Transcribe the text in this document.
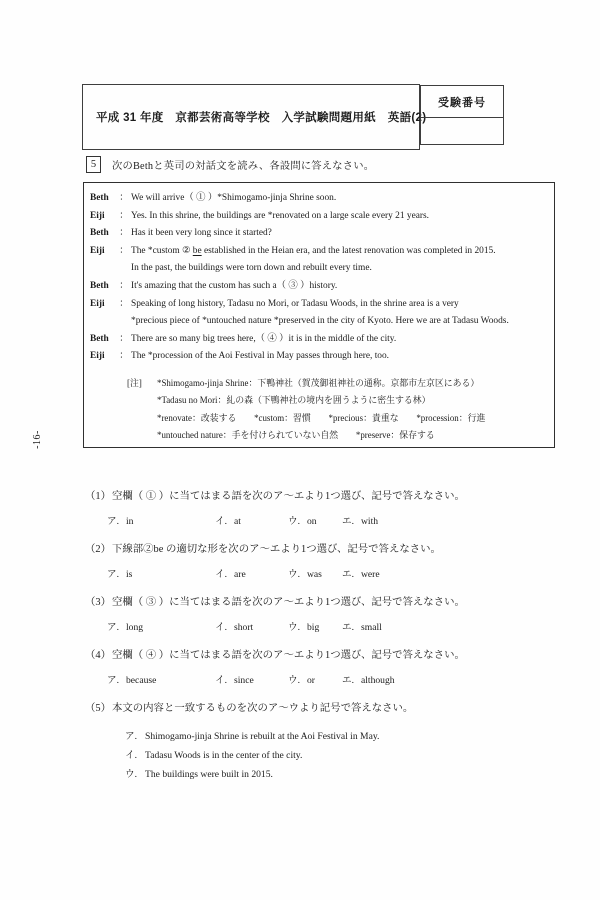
-16-
平成 31 年度　京都芸術高等学校　入学試験問題用紙　英語(2)
受験番号
5	次のBethと英司の対話文を読み、各設問に答えなさい。
Beth	： We will arrive（ ① ）*Shimogamo-jinja Shrine soon.
Eiji	： Yes. In this shrine, the buildings are *renovated on a large scale every 21 years.
Beth	： Has it been very long since it started?
Eiji	： The *custom ② be established in the Heian era, and the latest renovation was completed in 2015.
In the past, the buildings were torn down and rebuilt every time.
Beth	： It's amazing that the custom has such a（ ③ ）history.
Eiji	： Speaking of long history, Tadasu no Mori, or Tadasu Woods, in the shrine area is a very
*precious piece of *untouched nature *preserved in the city of Kyoto. Here we are at Tadasu Woods.
Beth	： There are so many big trees here,（ ④ ）it is in the middle of the city.
Eiji	： The *procession of the Aoi Festival in May passes through here, too.
[注]	*Shimogamo-jinja Shrine：下鴨神社（賀茂御祖神社の通称。京都市左京区にある）
*Tadasu no Mori：糺の森（下鴨神社の境内を囲うように密生する林）
*renovate：改装する　　*custom：習慣　　*precious：貴重な　　*procession：行進
*untouched nature：手を付けられていない自然　　*preserve：保存する
（1） 空欄（ ① ）に当てはまる語を次のア～エより1つ選び、記号で答えなさい。
ア. in	イ. at	ウ. on	エ. with
（2） 下線部②be の適切な形を次のア～エより1つ選び、記号で答えなさい。
ア. is	イ. are	ウ. was エ. were
（3） 空欄（ ③ ）に当てはまる語を次のア～エより1つ選び、記号で答えなさい。
ア. long	イ. short	ウ. big エ. small
（4） 空欄（ ④ ）に当てはまる語を次のア～エより1つ選び、記号で答えなさい。
ア. because	イ. since	ウ. or	エ. although
（5） 本文の内容と一致するものを次のア～ウより記号で答えなさい。
ア. Shimogamo-jinja Shrine is rebuilt at the Aoi Festival in May.
イ. Tadasu Woods is in the center of the city.
ウ. The buildings were built in 2015.
